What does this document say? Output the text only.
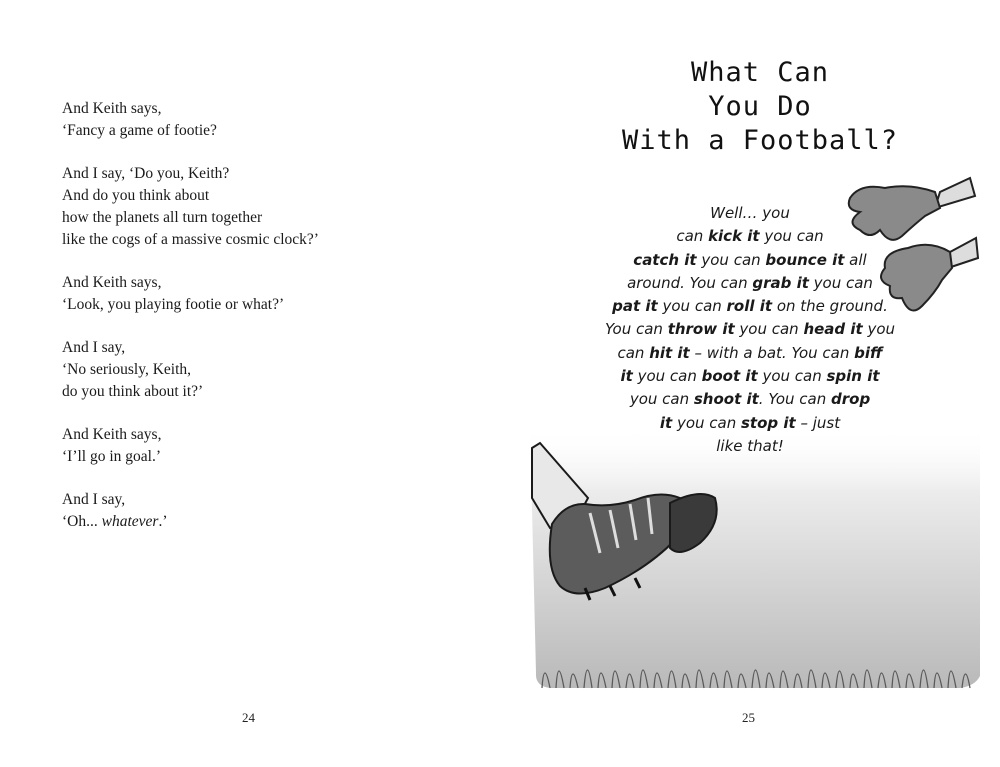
And Keith says,
‘Fancy a game of footie?

And I say, ‘Do you, Keith?
And do you think about
how the planets all turn together
like the cogs of a massive cosmic clock?’

And Keith says,
‘Look, you playing footie or what?’

And I say,
‘No seriously, Keith,
do you think about it?’

And Keith says,
‘I’ll go in goal.’

And I say,
‘Oh... whatever.’

24
What Can
You Do
With a Football?
Well… you
can kick it you can
catch it you can bounce it all
around. You can grab it you can
pat it you can roll it on the ground.
You can throw it you can head it you
can hit it – with a bat. You can biff
it you can boot it you can spin it
you can shoot it. You can drop
it you can stop it – just
like that!
25
